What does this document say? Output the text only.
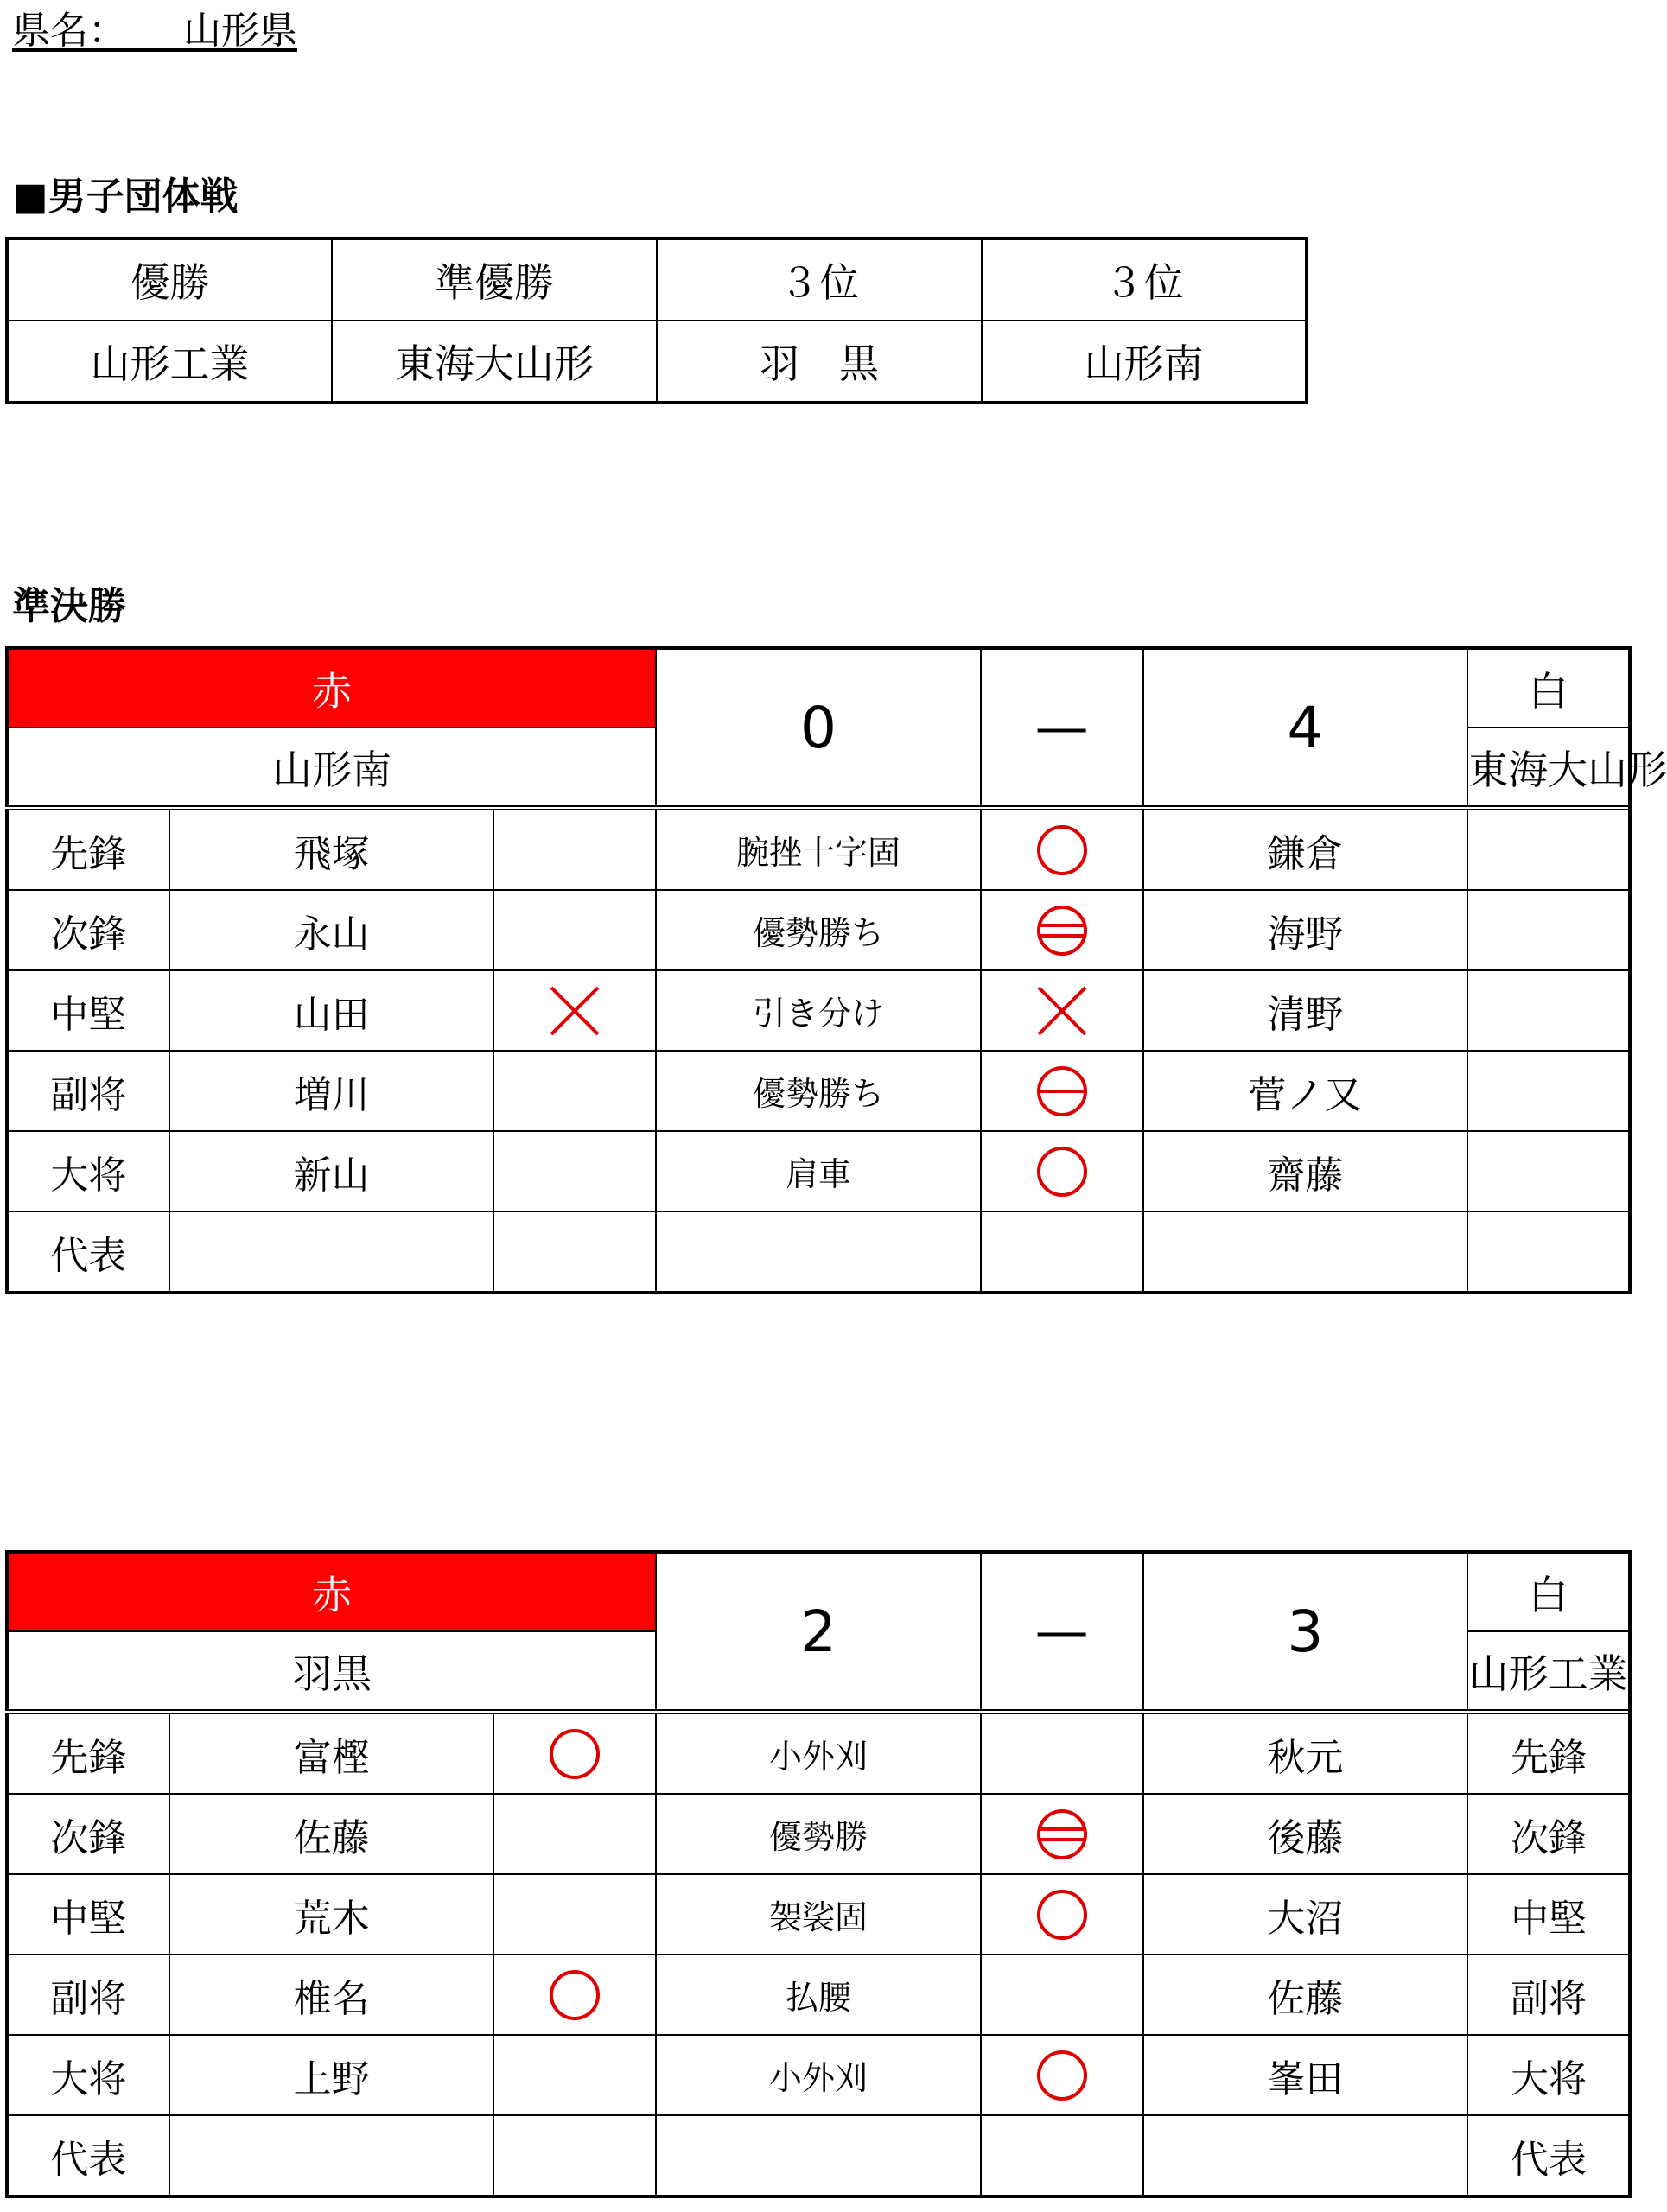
県名：　　 山形県
■男子団体戦
優勝	準優勝	３位	３位
山形工業	東海大山形	羽　黒	山形南
準決勝
赤			0	―	4	白
山形南						東海大山形
先鋒	飛塚		腕挫十字固		鎌倉	
次鋒	永山		優勢勝ち		海野	
中堅	山田		引き分け		清野	
副将	増川		優勢勝ち		菅ノ又	
大将	新山		肩車		齋藤	
代表						
赤			2	―	3	白
羽黒						山形工業
先鋒	富樫		小外刈		秋元	先鋒
次鋒	佐藤		優勢勝		後藤	次鋒
中堅	荒木		袈裟固		大沼	中堅
副将	椎名		払腰		佐藤	副将
大将	上野		小外刈		峯田	大将
代表						代表
